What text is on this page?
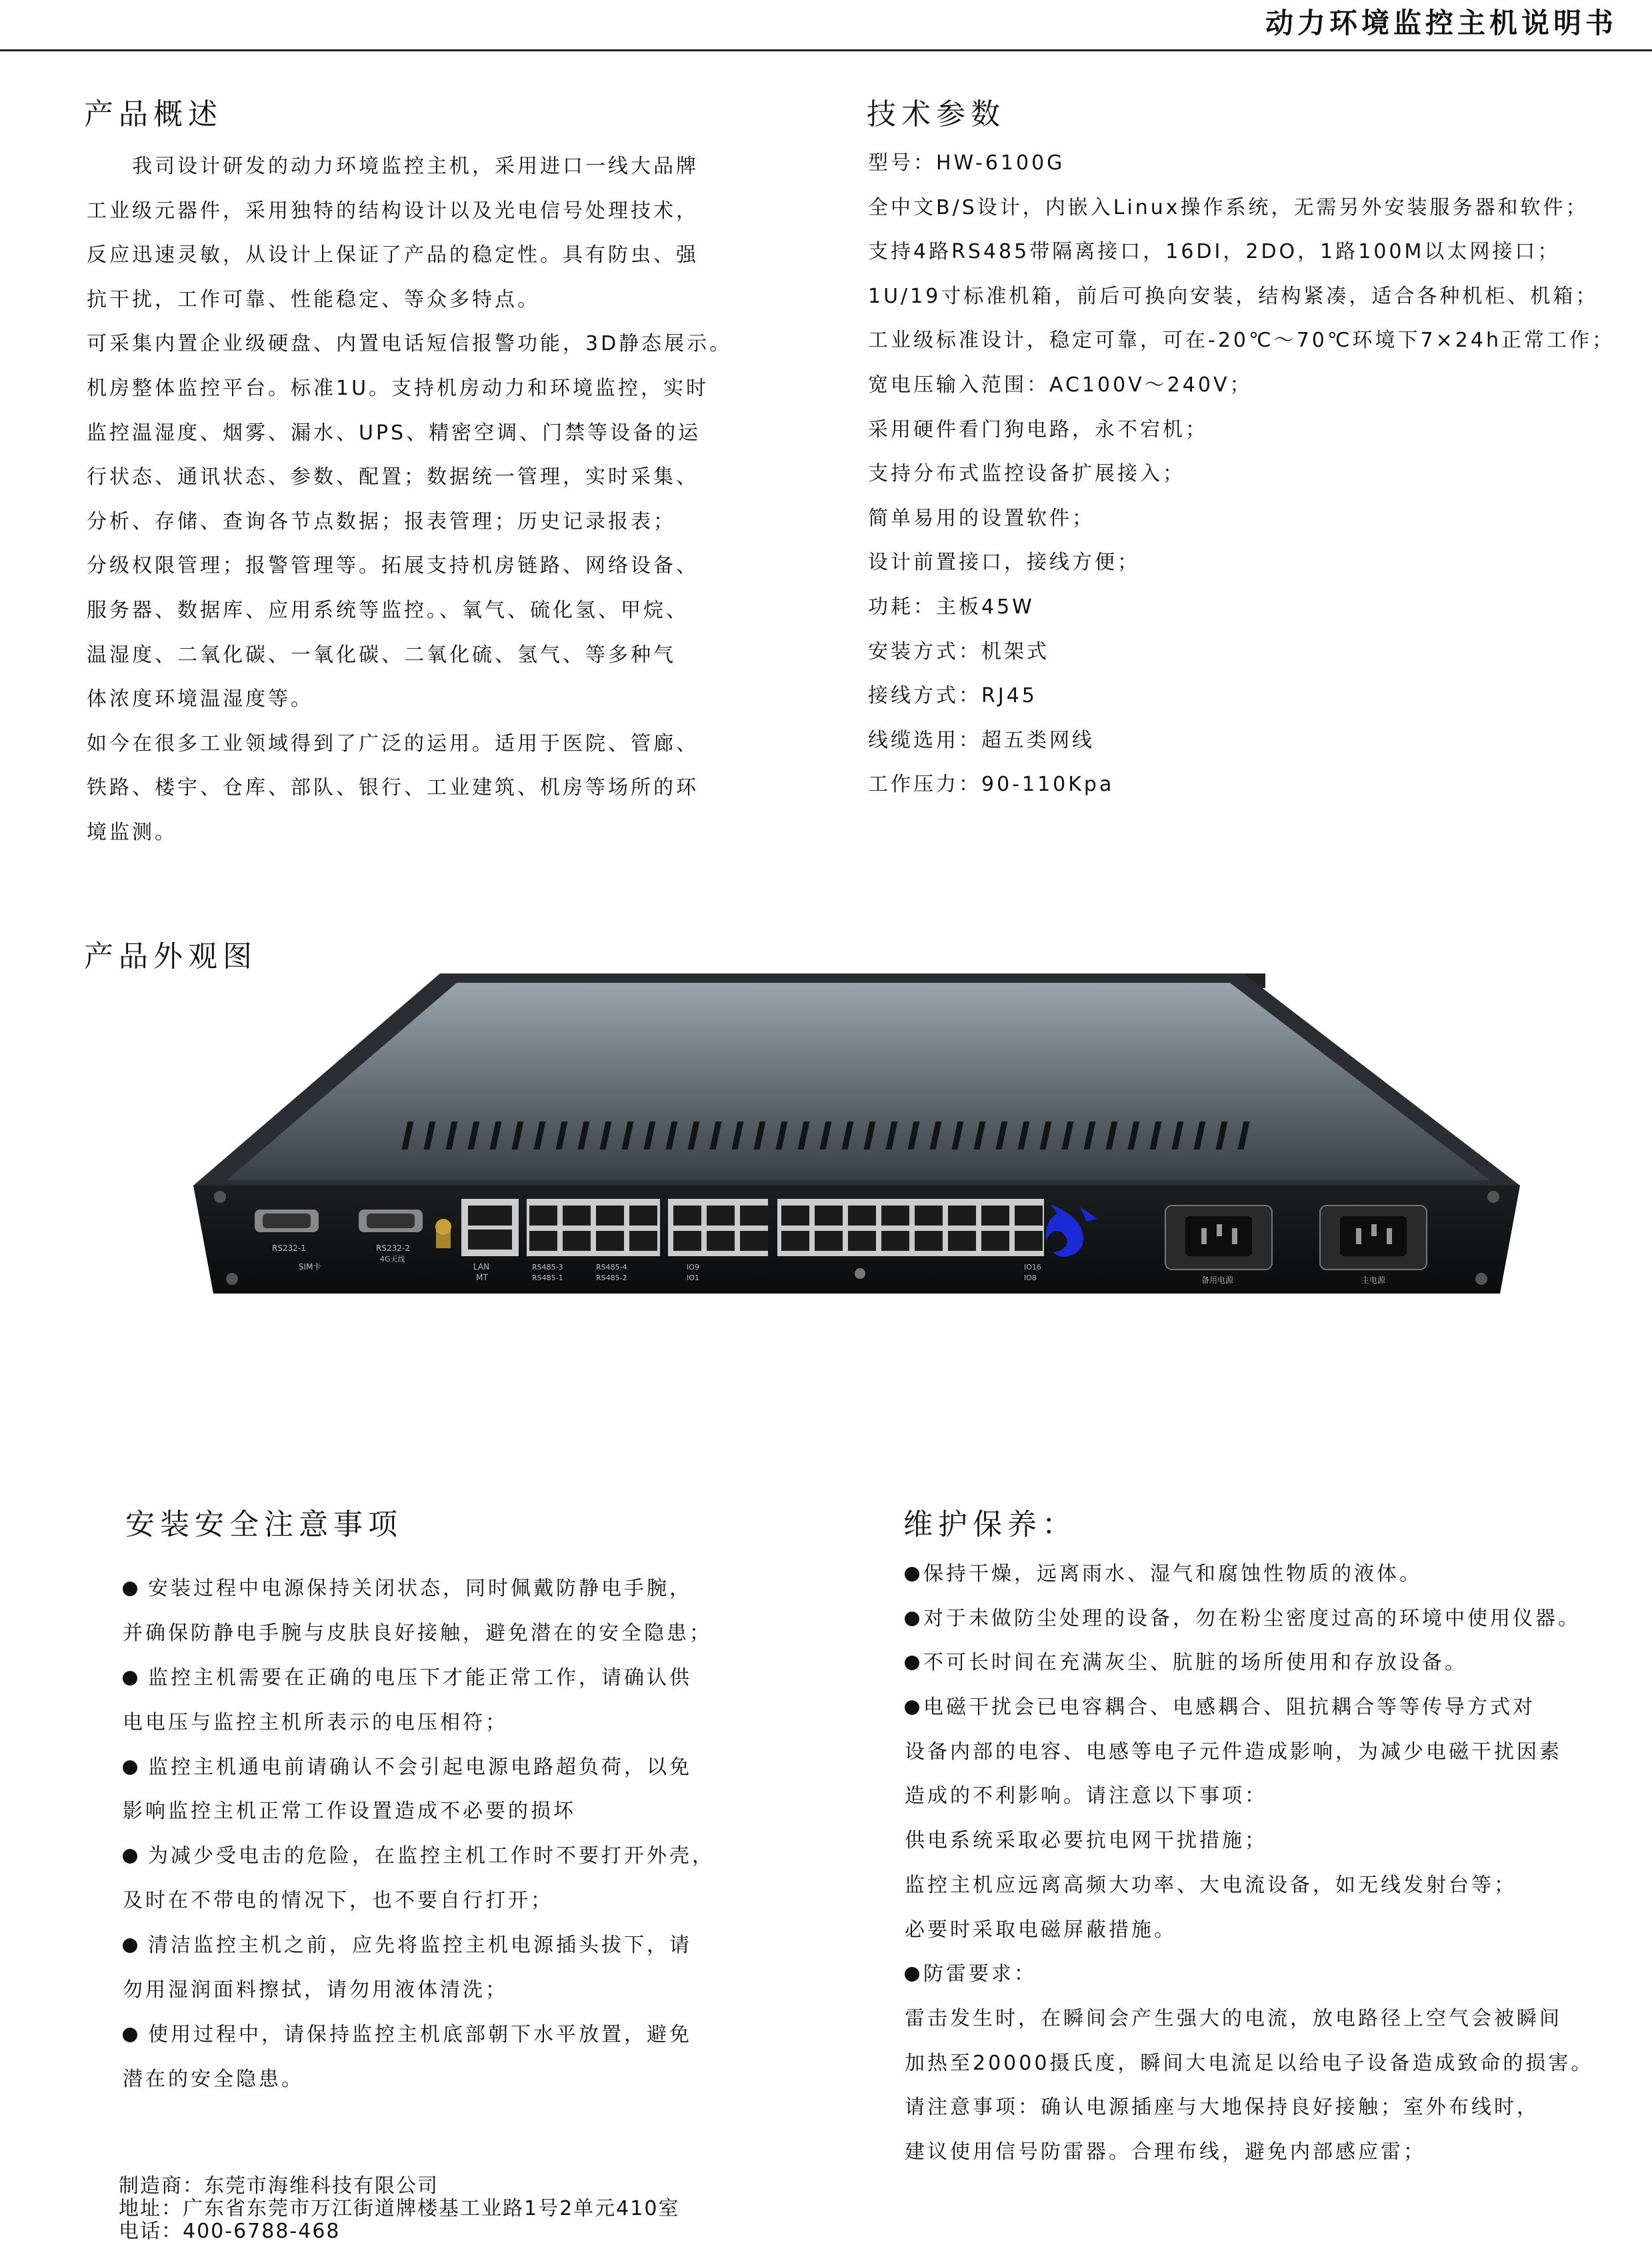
动力环境监控主机说明书
产品概述
我司设计研发的动力环境监控主机，采用进口一线大品牌
工业级元器件，采用独特的结构设计以及光电信号处理技术，
反应迅速灵敏，从设计上保证了产品的稳定性。具有防虫、强
抗干扰，工作可靠、性能稳定、等众多特点。
可采集内置企业级硬盘、内置电话短信报警功能，3D静态展示。
机房整体监控平台。标准1U。支持机房动力和环境监控，实时
监控温湿度、烟雾、漏水、UPS、精密空调、门禁等设备的运
行状态、通讯状态、参数、配置；数据统一管理，实时采集、
分析、存储、查询各节点数据；报表管理；历史记录报表；
分级权限管理；报警管理等。拓展支持机房链路、网络设备、
服务器、数据库、应用系统等监控。、氧气、硫化氢、甲烷、
温湿度、二氧化碳、一氧化碳、二氧化硫、氢气、等多种气
体浓度环境温湿度等。
如今在很多工业领域得到了广泛的运用。适用于医院、管廊、
铁路、楼宇、仓库、部队、银行、工业建筑、机房等场所的环
境监测。
技术参数
型号：HW-6100G
全中文B/S设计，内嵌入Linux操作系统，无需另外安装服务器和软件；
支持4路RS485带隔离接口，16DI，2DO，1路100M以太网接口；
1U/19寸标准机箱，前后可换向安装，结构紧凑，适合各种机柜、机箱；
工业级标准设计，稳定可靠，可在-20℃～70℃环境下7×24h正常工作；
宽电压输入范围：AC100V～240V；
采用硬件看门狗电路，永不宕机；
支持分布式监控设备扩展接入；
简单易用的设置软件；
设计前置接口，接线方便；
功耗：主板45W
安装方式：机架式
接线方式：RJ45
线缆选用：超五类网线
工作压力：90-110Kpa
产品外观图
RS232-1	RS232-2
4G天线
SIM卡	LAN
MT
RS485-3	RS485-4
RS485-1	RS485-2
IO9
IO1
IO16
IO8	备用电源	主电源
安装安全注意事项
安装过程中电源保持关闭状态，同时佩戴防静电手腕，
并确保防静电手腕与皮肤良好接触，避免潜在的安全隐患；
监控主机需要在正确的电压下才能正常工作，请确认供
电电压与监控主机所表示的电压相符；
监控主机通电前请确认不会引起电源电路超负荷，以免
影响监控主机正常工作设置造成不必要的损坏
为减少受电击的危险，在监控主机工作时不要打开外壳，
及时在不带电的情况下，也不要自行打开；
清洁监控主机之前，应先将监控主机电源插头拔下，请
勿用湿润面料擦拭，请勿用液体清洗；
使用过程中，请保持监控主机底部朝下水平放置，避免
潜在的安全隐患。
维护保养：
保持干燥，远离雨水、湿气和腐蚀性物质的液体。
对于未做防尘处理的设备，勿在粉尘密度过高的环境中使用仪器。
不可长时间在充满灰尘、肮脏的场所使用和存放设备。
电磁干扰会已电容耦合、电感耦合、阻抗耦合等等传导方式对
设备内部的电容、电感等电子元件造成影响，为减少电磁干扰因素
造成的不利影响。请注意以下事项：
供电系统采取必要抗电网干扰措施；
监控主机应远离高频大功率、大电流设备，如无线发射台等；
必要时采取电磁屏蔽措施。
防雷要求：
雷击发生时，在瞬间会产生强大的电流，放电路径上空气会被瞬间
加热至20000摄氏度，瞬间大电流足以给电子设备造成致命的损害。
请注意事项：确认电源插座与大地保持良好接触；室外布线时，
建议使用信号防雷器。合理布线，避免内部感应雷；
制造商：东莞市海维科技有限公司
地址：广东省东莞市万江街道牌楼基工业路1号2单元410室
电话：400-6788-468
